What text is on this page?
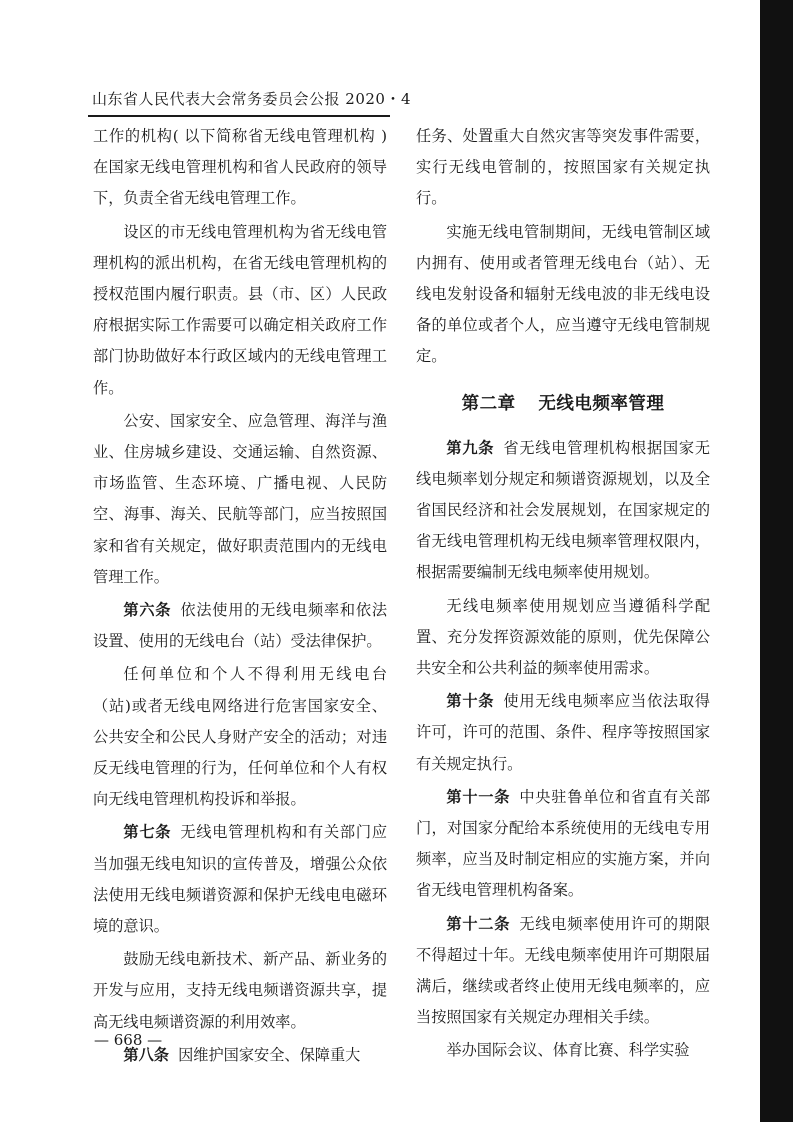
山东省人民代表大会常务委员会公报 2020・4

工作的机构( 以下简称省无线电管理机构 ) 在国家无线电管理机构和省人民政府的领导下，负责全省无线电管理工作。

设区的市无线电管理机构为省无线电管理机构的派出机构，在省无线电管理机构的授权范围内履行职责。县（市、区）人民政府根据实际工作需要可以确定相关政府工作部门协助做好本行政区域内的无线电管理工作。

公安、国家安全、应急管理、海洋与渔业、住房城乡建设、交通运输、自然资源、市场监管、生态环境、广播电视、人民防空、海事、海关、民航等部门，应当按照国家和省有关规定，做好职责范围内的无线电管理工作。

第六条 依法使用的无线电频率和依法设置、使用的无线电台（站）受法律保护。

任何单位和个人不得利用无线电台（站)或者无线电网络进行危害国家安全、公共安全和公民人身财产安全的活动；对违反无线电管理的行为，任何单位和个人有权向无线电管理机构投诉和举报。

第七条 无线电管理机构和有关部门应当加强无线电知识的宣传普及，增强公众依法使用无线电频谱资源和保护无线电电磁环境的意识。

鼓励无线电新技术、新产品、新业务的开发与应用，支持无线电频谱资源共享，提高无线电频谱资源的利用效率。

第八条 因维护国家安全、保障重大

任务、处置重大自然灾害等突发事件需要，实行无线电管制的，按照国家有关规定执行。

实施无线电管制期间，无线电管制区域内拥有、使用或者管理无线电台（站）、无线电发射设备和辐射无线电波的非无线电设备的单位或者个人，应当遵守无线电管制规定。

第二章 无线电频率管理

第九条 省无线电管理机构根据国家无线电频率划分规定和频谱资源规划，以及全省国民经济和社会发展规划，在国家规定的省无线电管理机构无线电频率管理权限内，根据需要编制无线电频率使用规划。

无线电频率使用规划应当遵循科学配置、充分发挥资源效能的原则，优先保障公共安全和公共利益的频率使用需求。

第十条 使用无线电频率应当依法取得许可，许可的范围、条件、程序等按照国家有关规定执行。

第十一条 中央驻鲁单位和省直有关部门，对国家分配给本系统使用的无线电专用频率，应当及时制定相应的实施方案，并向省无线电管理机构备案。

第十二条 无线电频率使用许可的期限不得超过十年。无线电频率使用许可期限届满后，继续或者终止使用无线电频率的，应当按照国家有关规定办理相关手续。

举办国际会议、体育比赛、科学实验

— 668 —
